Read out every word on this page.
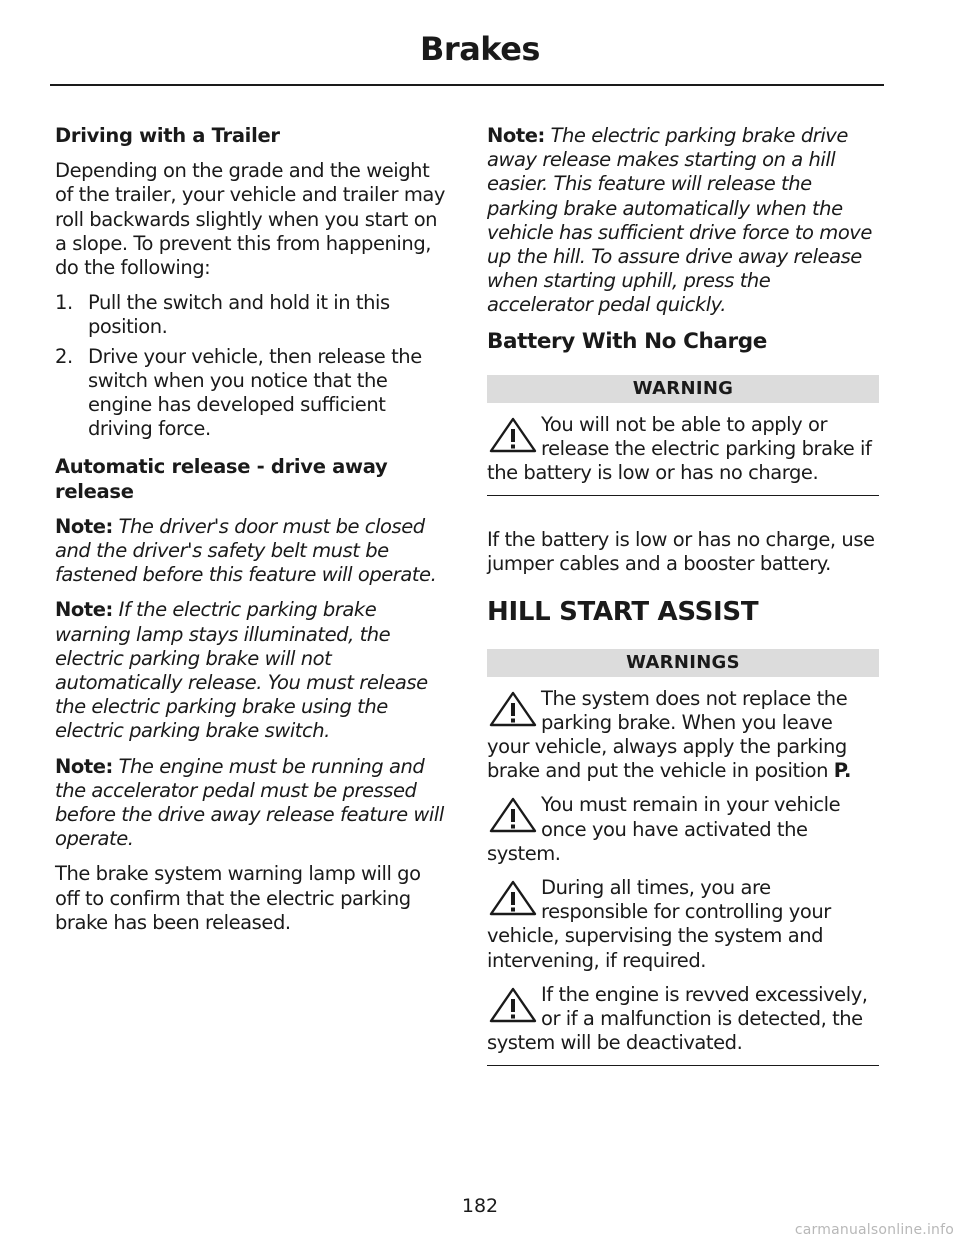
Brakes
Driving with a Trailer

Depending on the grade and the weight of the trailer, your vehicle and trailer may roll backwards slightly when you start on a slope. To prevent this from happening, do the following:

1. Pull the switch and hold it in this position.
2. Drive your vehicle, then release the switch when you notice that the engine has developed sufficient driving force.
Automatic release - drive away release

Note: The driver's door must be closed and the driver's safety belt must be fastened before this feature will operate.

Note: If the electric parking brake warning lamp stays illuminated, the electric parking brake will not automatically release. You must release the electric parking brake using the electric parking brake switch.

Note: The engine must be running and the accelerator pedal must be pressed before the drive away release feature will operate.

The brake system warning lamp will go off to confirm that the electric parking brake has been released.

Note: The electric parking brake drive away release makes starting on a hill easier. This feature will release the parking brake automatically when the vehicle has sufficient drive force to move up the hill. To assure drive away release when starting uphill, press the accelerator pedal quickly.

Battery With No Charge
WARNING
You will not be able to apply or release the electric parking brake if the battery is low or has no charge.

If the battery is low or has no charge, use jumper cables and a booster battery.

HILL START ASSIST
WARNINGS
The system does not replace the parking brake. When you leave your vehicle, always apply the parking brake and put the vehicle in position P.
You must remain in your vehicle once you have activated the system.
During all times, you are responsible for controlling your vehicle, supervising the system and intervening, if required.
If the engine is revved excessively, or if a malfunction is detected, the system will be deactivated.
182
carmanualsonline.info
